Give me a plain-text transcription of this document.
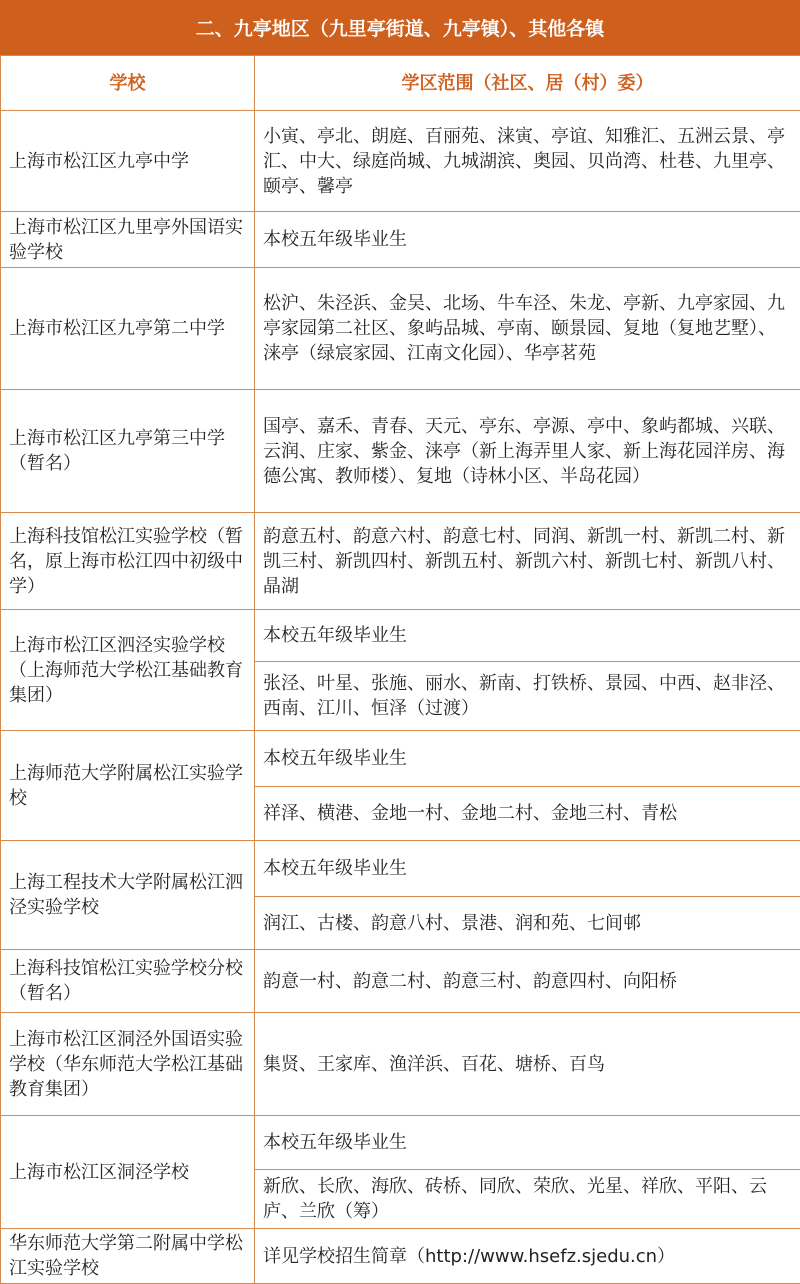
二、九亭地区（九里亭街道、九亭镇）、其他各镇
学校	学区范围（社区、居（村）委）
上海市松江区九亭中学	小寅、亭北、朗庭、百丽苑、涞寅、亭谊、知雅汇、五洲云景、亭汇、中大、绿庭尚城、九城湖滨、奥园、贝尚湾、杜巷、九里亭、颐亭、馨亭
上海市松江区九里亭外国语实验学校	本校五年级毕业生
上海市松江区九亭第二中学	松沪、朱泾浜、金吴、北场、牛车泾、朱龙、亭新、九亭家园、九亭家园第二社区、象屿品城、亭南、颐景园、复地（复地艺墅）、涞亭（绿宸家园、江南文化园）、华亭茗苑
上海市松江区九亭第三中学（暂名）	国亭、嘉禾、青春、天元、亭东、亭源、亭中、象屿都城、兴联、云润、庄家、紫金、涞亭（新上海弄里人家、新上海花园洋房、海德公寓、教师楼）、复地（诗林小区、半岛花园）
上海科技馆松江实验学校（暂名，原上海市松江四中初级中学）	韵意五村、韵意六村、韵意七村、同润、新凯一村、新凯二村、新凯三村、新凯四村、新凯五村、新凯六村、新凯七村、新凯八村、晶湖
上海市松江区泗泾实验学校（上海师范大学松江基础教育集团）	本校五年级毕业生
	张泾、叶星、张施、丽水、新南、打铁桥、景园、中西、赵非泾、西南、江川、恒泽（过渡）
上海师范大学附属松江实验学校	本校五年级毕业生
	祥泽、横港、金地一村、金地二村、金地三村、青松
上海工程技术大学附属松江泗泾实验学校	本校五年级毕业生
	润江、古楼、韵意八村、景港、润和苑、七间邨
上海科技馆松江实验学校分校（暂名）	韵意一村、韵意二村、韵意三村、韵意四村、向阳桥
上海市松江区洞泾外国语实验学校（华东师范大学松江基础教育集团）	集贤、王家库、渔洋浜、百花、塘桥、百鸟
上海市松江区洞泾学校	本校五年级毕业生
	新欣、长欣、海欣、砖桥、同欣、荣欣、光星、祥欣、平阳、云庐、兰欣（筹）
华东师范大学第二附属中学松江实验学校	详见学校招生简章（http://www.hsefz.sjedu.cn）
